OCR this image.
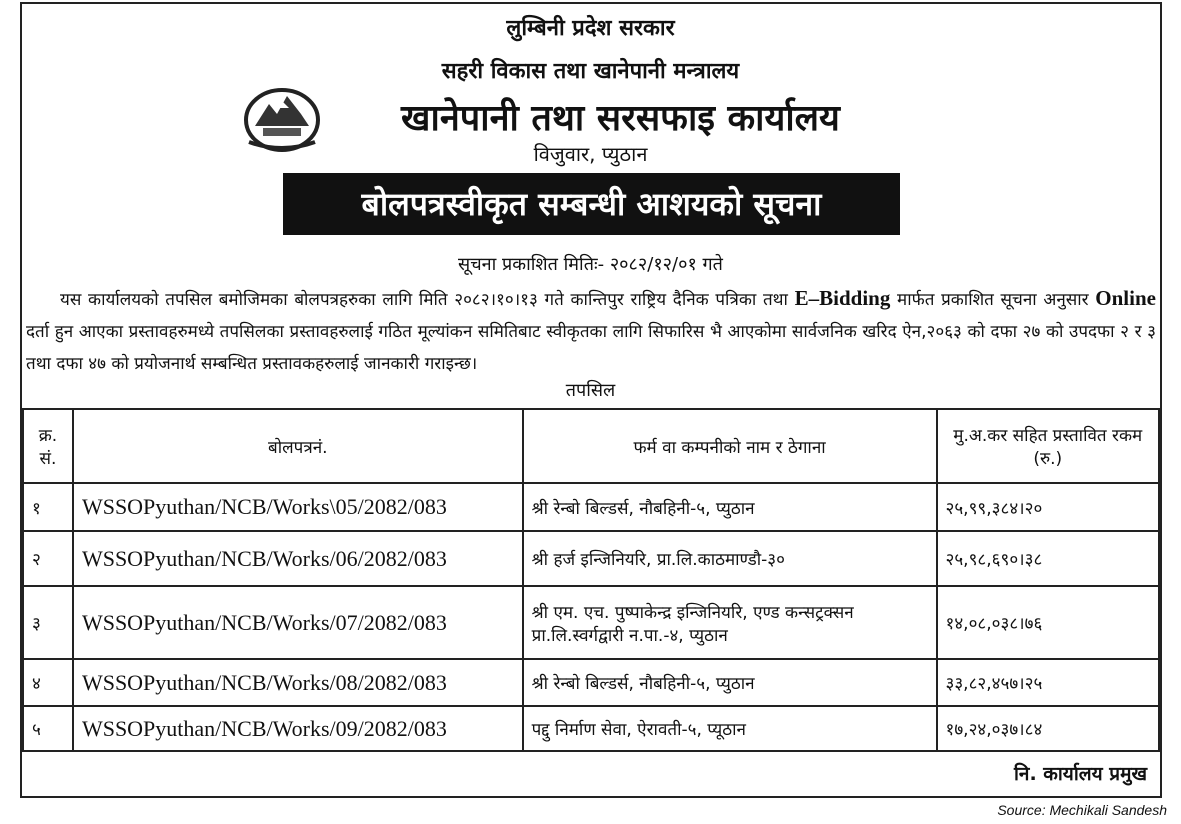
लुम्बिनी प्रदेश सरकार
सहरी विकास तथा खानेपानी मन्त्रालय
खानेपानी तथा सरसफाइ कार्यालय
विजुवार, प्युठान
बोलपत्रस्वीकृत सम्बन्धी आशयको सूचना
सूचना प्रकाशित मितिः- २०८२/१२/०१ गते
  यस कार्यालयको तपसिल बमोजिमका बोलपत्रहरुका लागि मिति २०८२।१०।१३ गते कान्तिपुर राष्ट्रिय दैनिक पत्रिका तथा E–Bidding मार्फत प्रकाशित सूचना अनुसार Online दर्ता हुन आएका प्रस्तावहरुमध्ये तपसिलका प्रस्तावहरुलाई गठित मूल्यांकन समितिबाट स्वीकृतका लागि सिफारिस भै आएकोमा सार्वजनिक खरिद ऐन,२०६३ को दफा २७ को उपदफा २ र ३ तथा दफा ४७ को प्रयोजनार्थ सम्बन्धित प्रस्तावकहरुलाई जानकारी गराइन्छ।
तपसिल
क्र. सं.	बोलपत्रनं.	फर्म वा कम्पनीको नाम र ठेगाना	मु.अ.कर सहित प्रस्तावित रकम (रु.)
१	WSSOPyuthan/NCB/Works\05/2082/083	श्री रेन्बो बिल्डर्स, नौबहिनी-५, प्युठान	२५,९९,३८४।२०
२	WSSOPyuthan/NCB/Works/06/2082/083	श्री हर्ज इन्जिनियरि, प्रा.लि.काठमाण्डौ-३०	२५,९८,६९०।३८
३	WSSOPyuthan/NCB/Works/07/2082/083	श्री एम. एच. पुष्पाकेन्द्र इन्जिनियरि, एण्ड कन्सट्रक्सन प्रा.लि.स्वर्गद्वारी न.पा.-४, प्युठान	१४,०८,०३८।७६
४	WSSOPyuthan/NCB/Works/08/2082/083	श्री रेन्बो बिल्डर्स, नौबहिनी-५, प्युठान	३३,८२,४५७।२५
५	WSSOPyuthan/NCB/Works/09/2082/083	पद्दु निर्माण सेवा, ऐरावती-५, प्यूठान	१७,२४,०३७।८४
नि. कार्यालय प्रमुख
Source: Mechikali Sandesh
